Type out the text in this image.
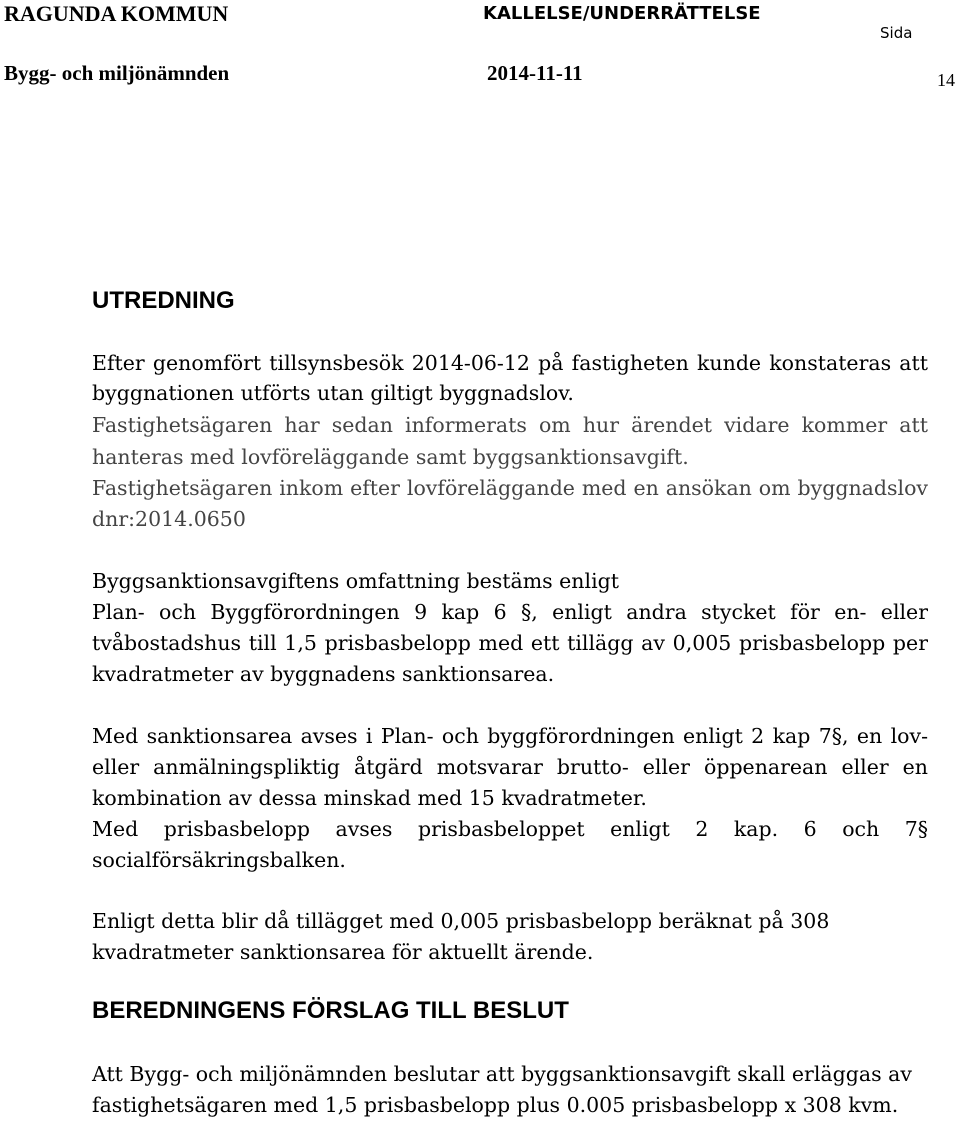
RAGUNDA KOMMUN	KALLELSE/UNDERRÄTTELSE
Sida
Bygg- och miljönämnden	2014-11-11	14
UTREDNING
Efter genomfört tillsynsbesök 2014-06-12 på fastigheten kunde konstateras att
byggnationen utförts utan giltigt byggnadslov.
Fastighetsägaren har sedan informerats om hur ärendet vidare kommer att
hanteras med lovföreläggande samt byggsanktionsavgift.
Fastighetsägaren inkom efter lovföreläggande med en ansökan om byggnadslov
dnr:2014.0650
Byggsanktionsavgiftens omfattning bestäms enligt
Plan- och Byggförordningen 9 kap 6 §, enligt andra stycket för en- eller
tvåbostadshus till 1,5 prisbasbelopp med ett tillägg av 0,005 prisbasbelopp per
kvadratmeter av byggnadens sanktionsarea.
Med sanktionsarea avses i Plan- och byggförordningen enligt 2 kap 7§, en lov-
eller anmälningspliktig åtgärd motsvarar brutto- eller öppenarean eller en
kombination av dessa minskad med 15 kvadratmeter.
Med prisbasbelopp avses prisbasbeloppet enligt 2 kap. 6 och 7§
socialförsäkringsbalken.
Enligt detta blir då tillägget med 0,005 prisbasbelopp beräknat på 308
kvadratmeter sanktionsarea för aktuellt ärende.
BEREDNINGENS FÖRSLAG TILL BESLUT
Att Bygg- och miljönämnden beslutar att byggsanktionsavgift skall erläggas av
fastighetsägaren med 1,5 prisbasbelopp plus 0.005 prisbasbelopp x 308 kvm.
